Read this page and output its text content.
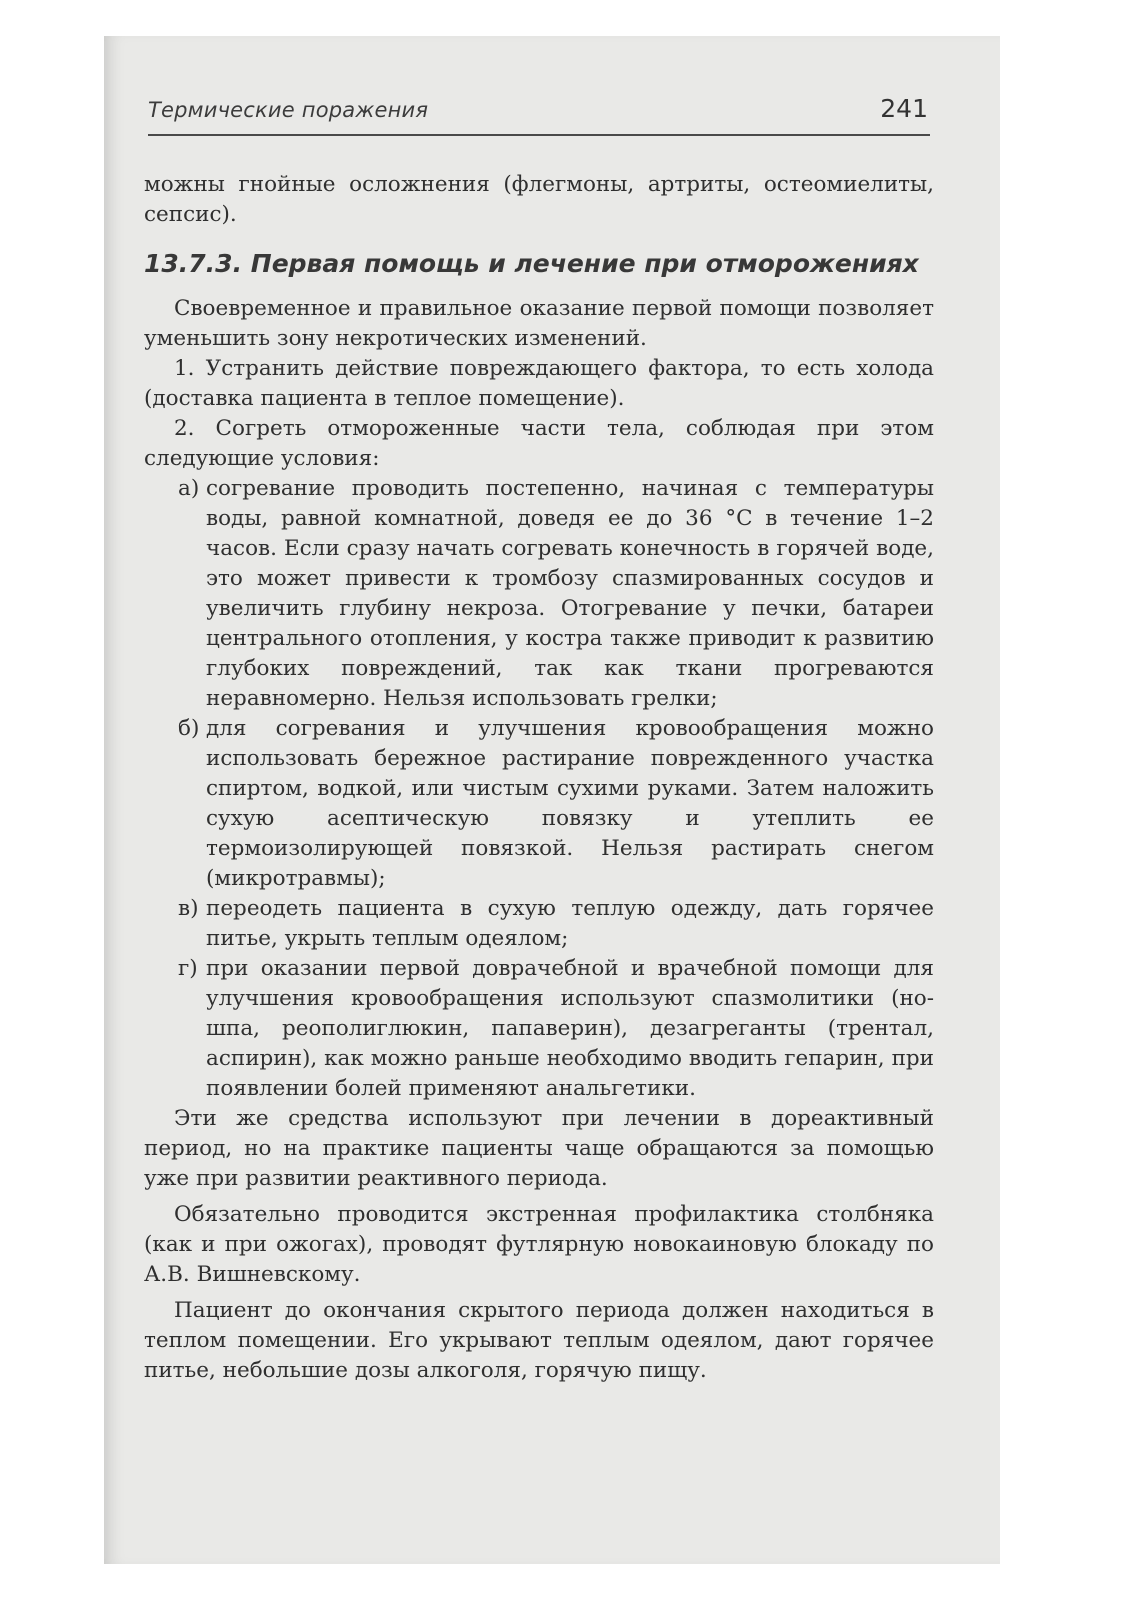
Термические поражения	241

можны гнойные осложнения (флегмоны, артриты, остеомиелиты, сепсис).

13.7.3. Первая помощь и лечение при отморожениях

Своевременное и правильное оказание первой помощи позволяет уменьшить зону некротических изменений.

1. Устранить действие повреждающего фактора, то есть холода (доставка пациента в теплое помещение).

2. Согреть отмороженные части тела, соблюдая при этом следующие условия:

а) согревание проводить постепенно, начиная с температуры воды, равной комнатной, доведя ее до 36 °С в течение 1–2 часов. Если сразу начать согревать конечность в горячей воде, это может привести к тромбозу спазмированных сосудов и увеличить глубину некроза. Отогревание у печки, батареи центрального отопления, у костра также приводит к развитию глубоких повреждений, так как ткани прогреваются неравномерно. Нельзя использовать грелки;
б) для согревания и улучшения кровообращения можно использовать бережное растирание поврежденного участка спиртом, водкой, или чистым сухими руками. Затем наложить сухую асептическую повязку и утеплить ее термоизолирующей повязкой. Нельзя растирать снегом (микротравмы);
в) переодеть пациента в сухую теплую одежду, дать горячее питье, укрыть теплым одеялом;
г) при оказании первой доврачебной и врачебной помощи для улучшения кровообращения используют спазмолитики (но-шпа, реополиглюкин, папаверин), дезагреганты (трентал, аспирин), как можно раньше необходимо вводить гепарин, при появлении болей применяют анальгетики.

Эти же средства используют при лечении в дореактивный период, но на практике пациенты чаще обращаются за помощью уже при развитии реактивного периода.

Обязательно проводится экстренная профилактика столбняка (как и при ожогах), проводят футлярную новокаиновую блокаду по А.В. Вишневскому.

Пациент до окончания скрытого периода должен находиться в теплом помещении. Его укрывают теплым одеялом, дают горячее питье, небольшие дозы алкоголя, горячую пищу.
